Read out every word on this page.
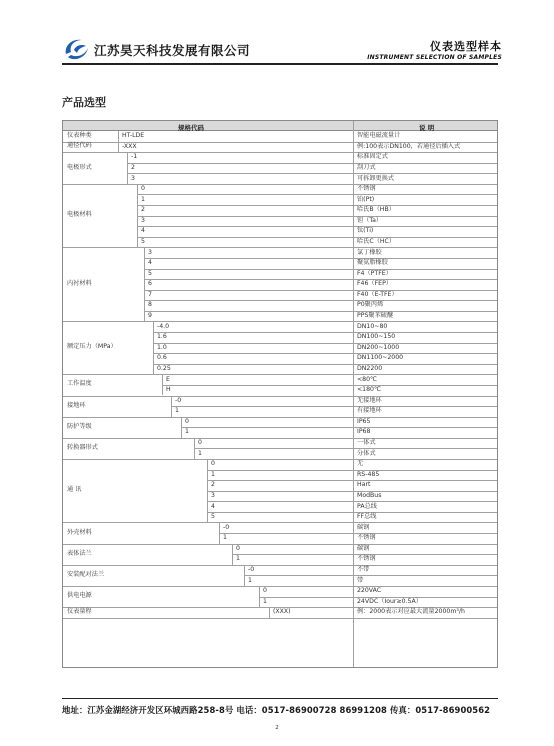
江苏昊天科技发展有限公司	仪表选型样本
INSTRUMENT SELECTION OF SAMPLES
产品选型
规格代码	说 明
仪表种类	HT-LDE	智能电磁流量计
通径代码	-XXX	例:100表示DN100，若通径后插入式
电极形式
-1	标准固定式
2	刮刀式
3	可拆卸更换式
电极材料
0	不锈钢
1	铂(Pt)
2	哈氏B（HB）
3	钽（Ta）
4	钛(Ti)
5	哈氏C（HC）
内衬材料
3	氯丁橡胶
4	聚氨脂橡胶
5	F4（PTFE）
6	F46（FEP）
7	F40（E-TFE）
8	P0聚丙烯
9	PPS聚苯硫醚
额定压力（MPa）
-4.0	DN10~80
1.6	DN100~150
1.0	DN200~1000
0.6	DN1100~2000
0.25	DN2200
工作温度
E	<80℃
H	<180℃
接地环
-0	无接地环
1	有接地环
防护等级
0	IP65
1	IP68
转换器形式
0	一体式
1	分体式
通 讯
0	无
1	RS-485
2	Hart
3	ModBus
4	PA总线
5	FF总线
外壳材料
-0	碳钢
1	不锈钢
表体法兰
0	碳钢
1	不锈钢
安装配对法兰
-0	不带
1	带
供电电源
0	220VAC
1	24VDC（Iour≥0.5A）
仪表量程	(XXX)	例：2000表示对应最大流量2000m³/h
地址：江苏金湖经济开发区环城西路258-8号 电话：0517-86900728 86991208 传真：0517-86900562
2
